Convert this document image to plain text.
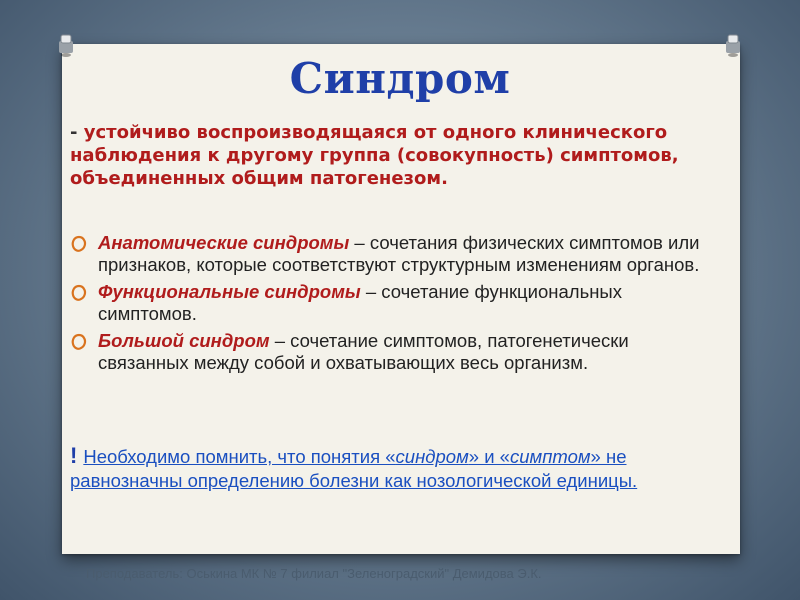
Синдром
- устойчиво воспроизводящаяся от одного клинического наблюдения к другому группа (совокупность) симптомов, объединенных общим патогенезом.
Анатомические синдромы – сочетания физических симптомов или признаков, которые соответствуют структурным изменениям органов.
Функциональные синдромы – сочетание функциональных симптомов.
Большой синдром – сочетание симптомов, патогенетически связанных между собой и охватывающих весь организм.
! Необходимо помнить, что понятия «синдром» и «симптом» не равнозначны определению болезни как нозологической единицы.
Преподаватель: Оськина МК № 7 филиал "Зеленоградский" Демидова Э.К.
